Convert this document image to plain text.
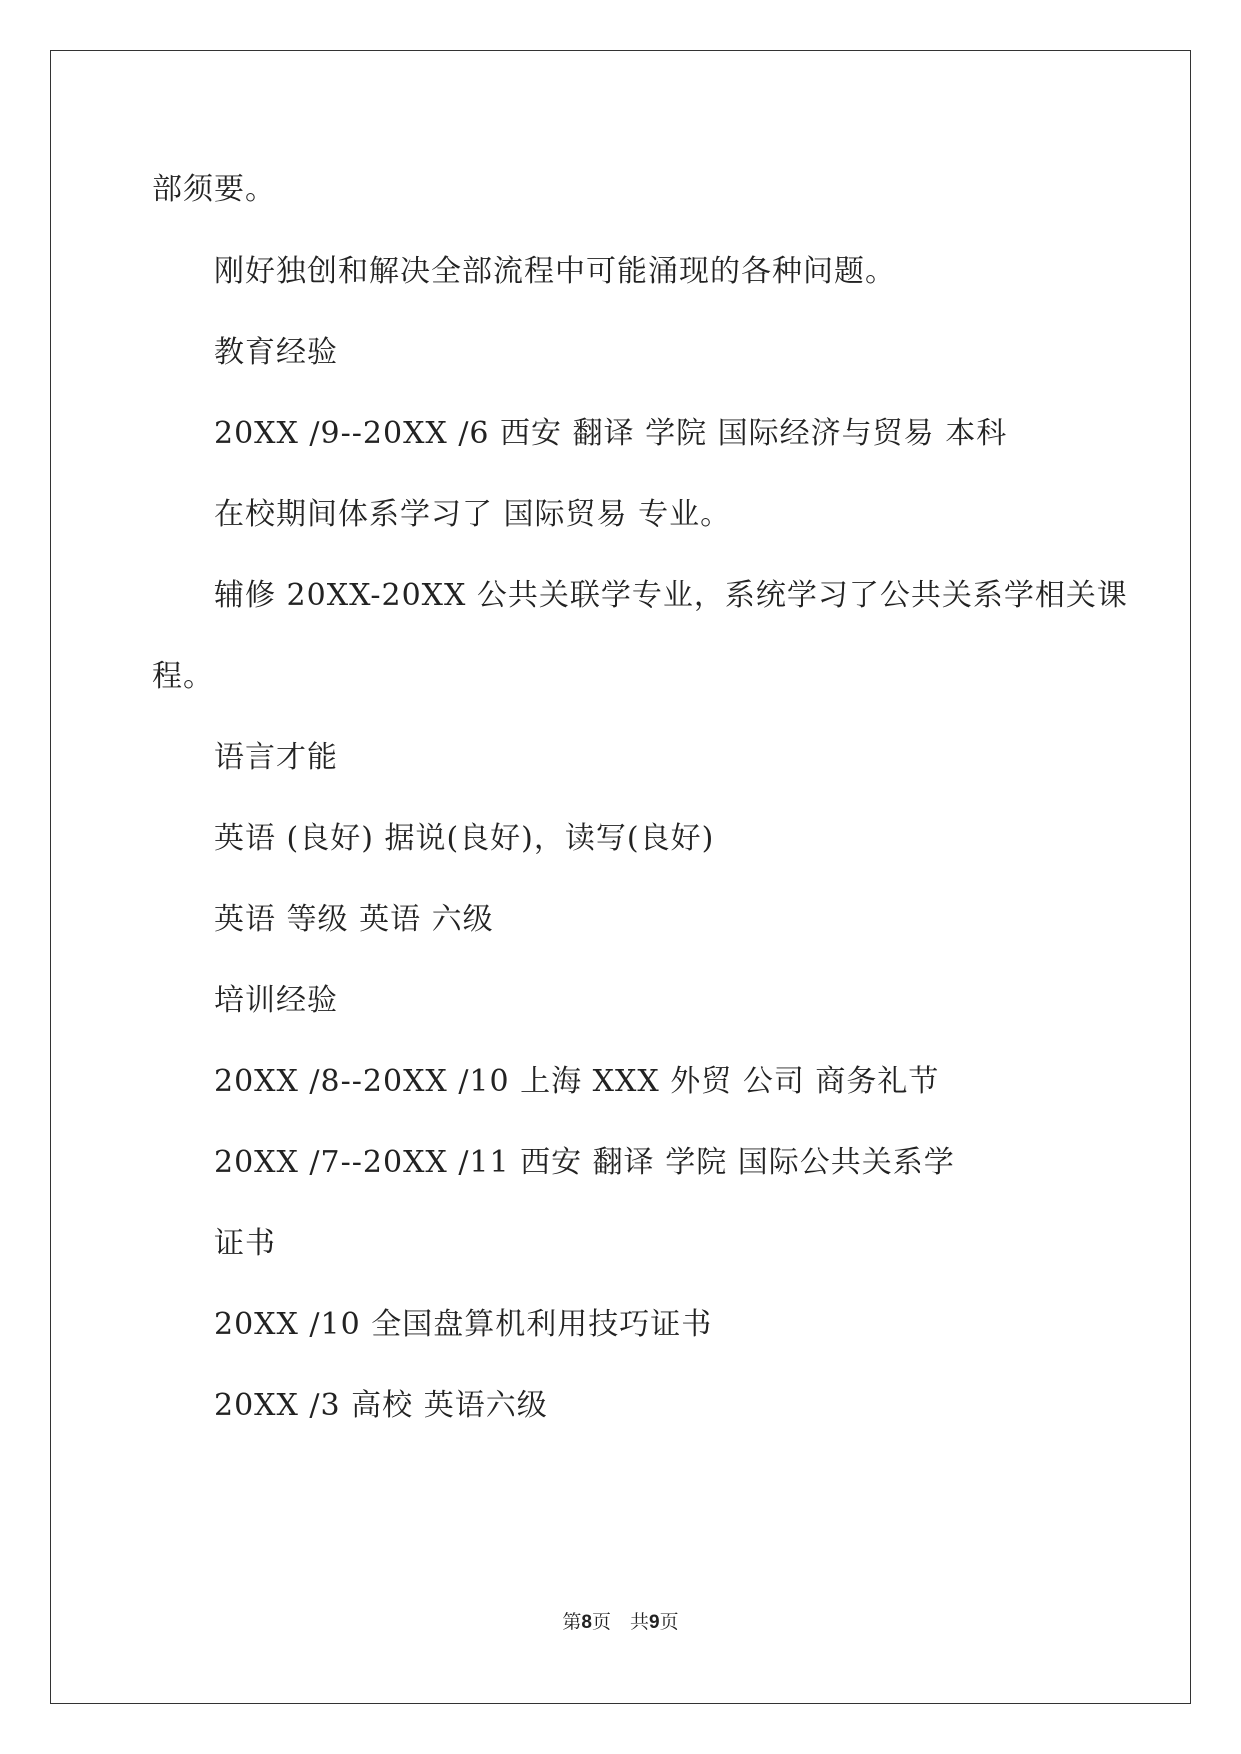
部须要。
刚好独创和解决全部流程中可能涌现的各种问题。
教育经验
20XX /9--20XX /6 西安 翻译 学院 国际经济与贸易 本科
在校期间体系学习了 国际贸易 专业。
辅修 20XX-20XX 公共关联学专业，系统学习了公共关系学相关课
程。
语言才能
英语 (良好) 据说(良好)，读写(良好)
英语 等级 英语 六级
培训经验
20XX /8--20XX /10 上海 XXX 外贸 公司 商务礼节
20XX /7--20XX /11 西安 翻译 学院 国际公共关系学
证书
20XX /10 全国盘算机利用技巧证书
20XX /3 高校 英语六级
第8页　共9页
